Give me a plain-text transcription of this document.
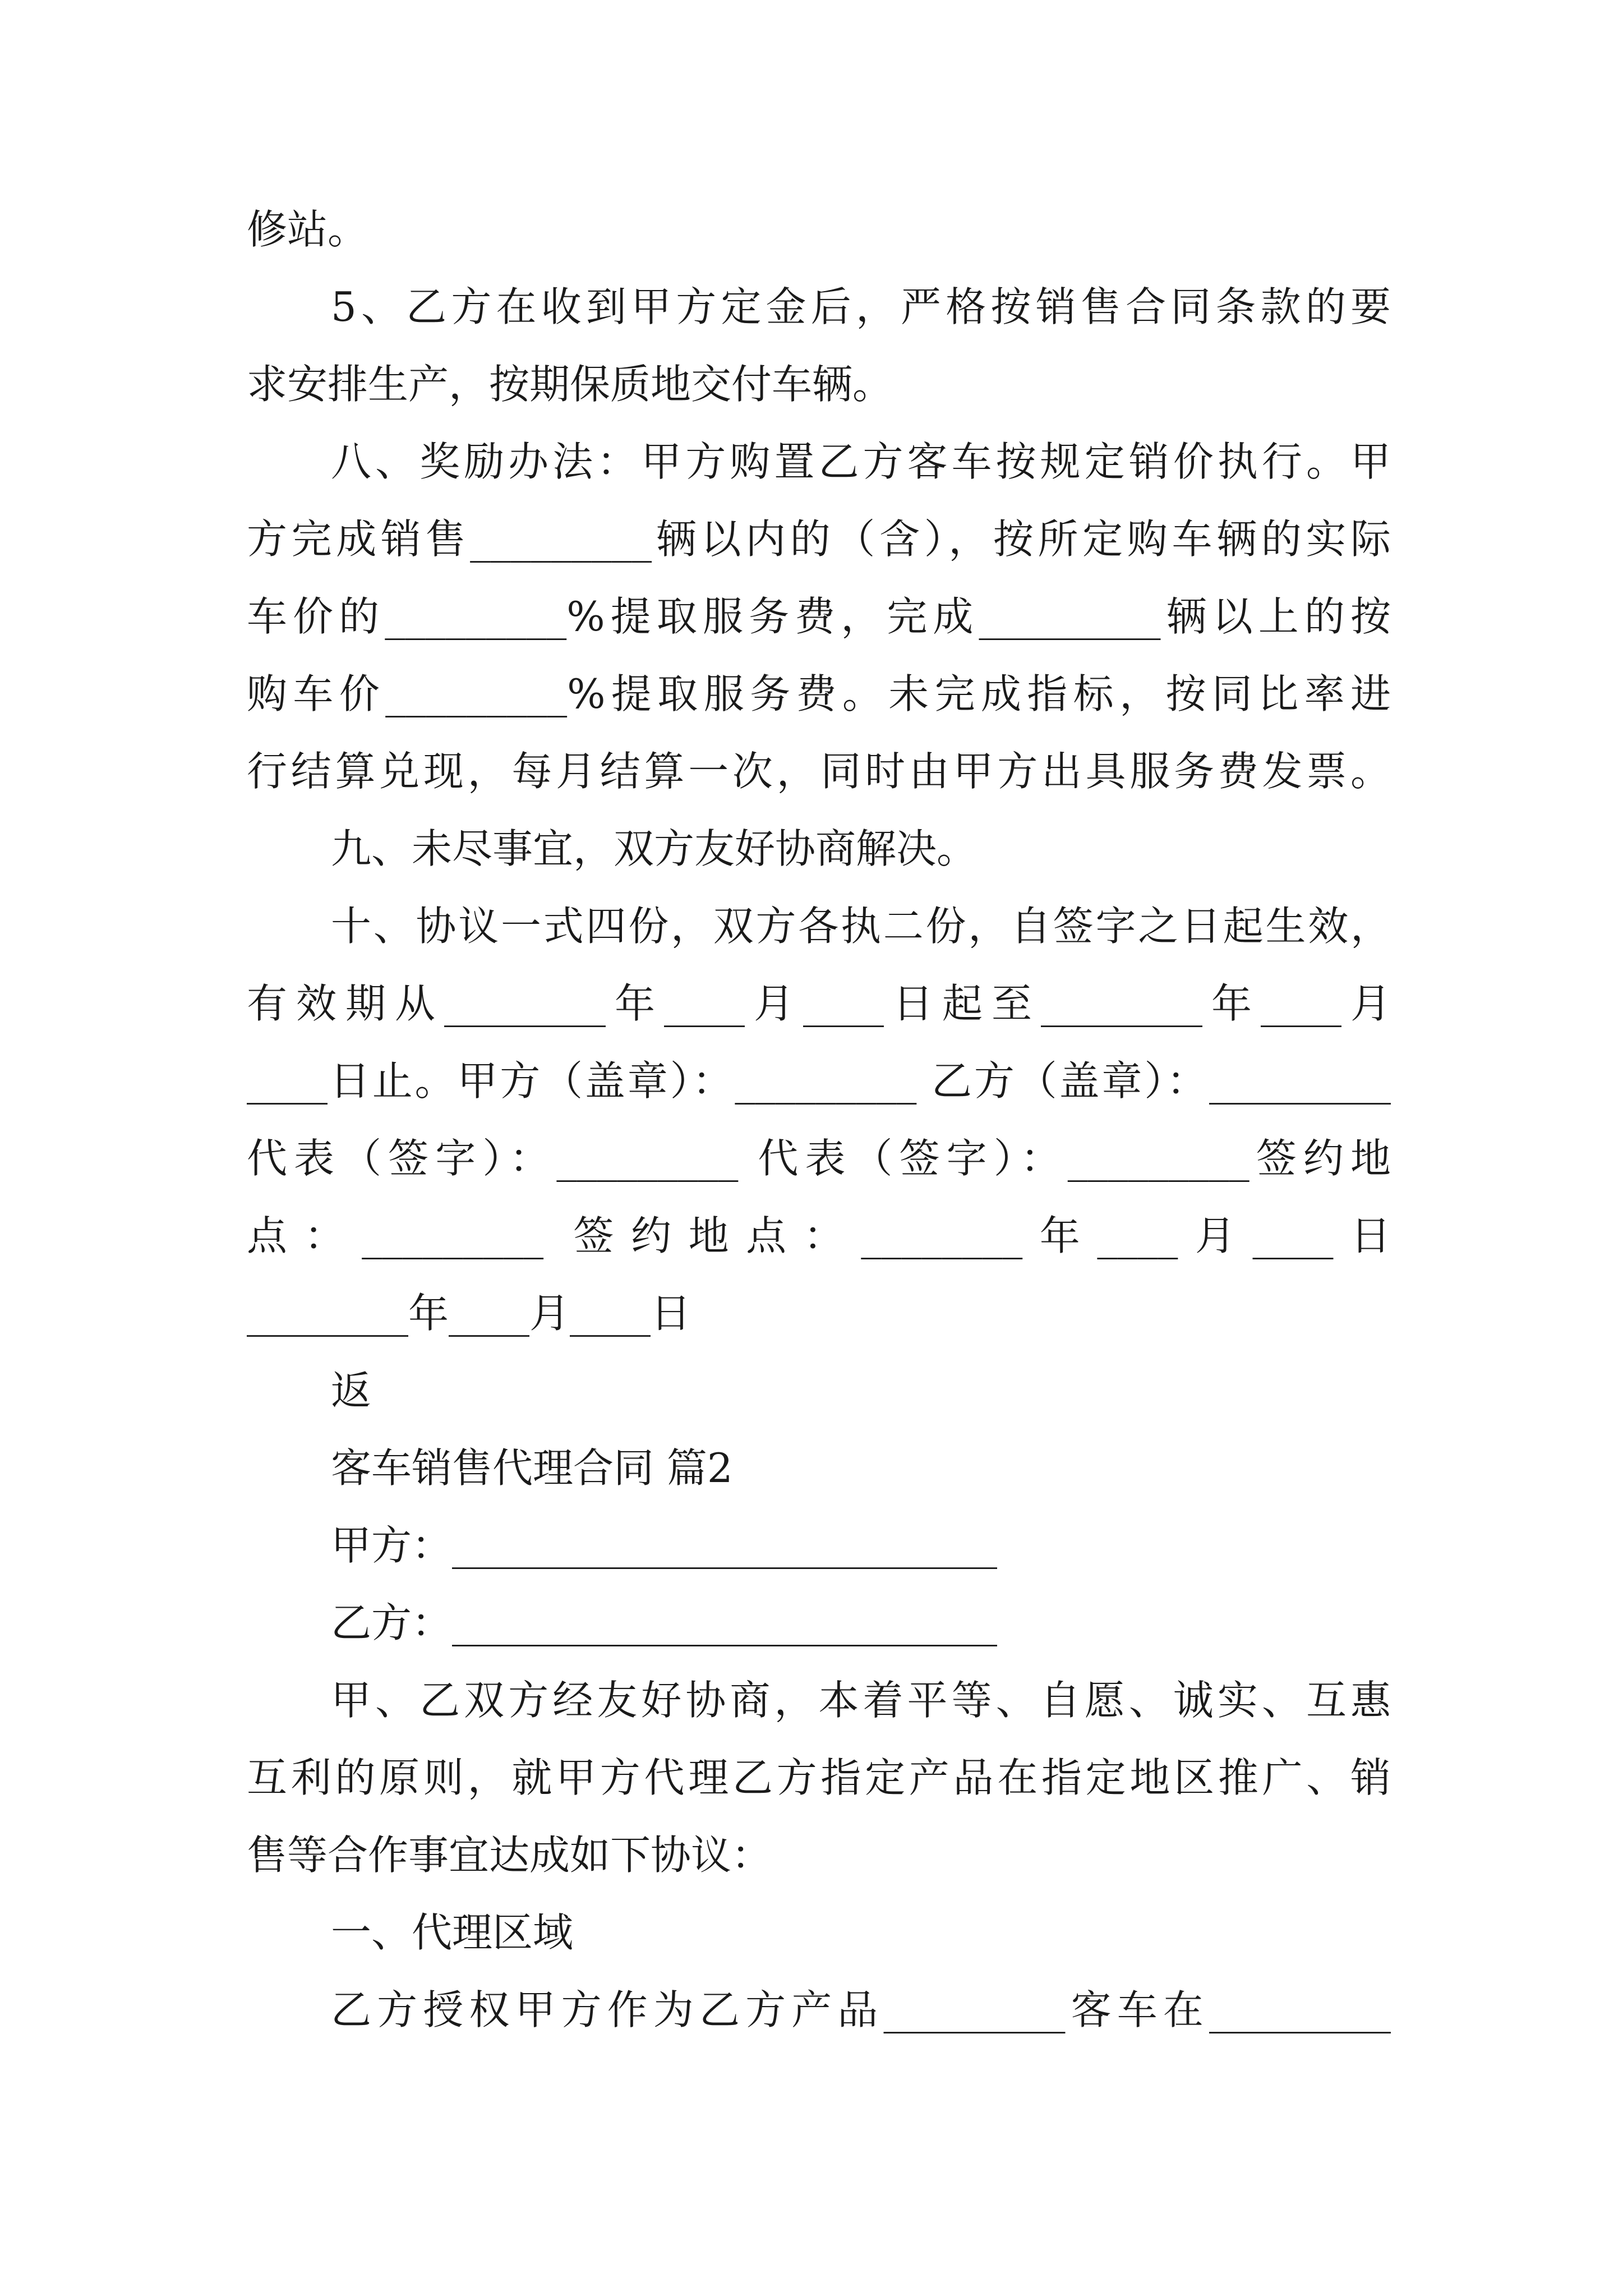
修站。

5、乙方在收到甲方定金后，严格按销售合同条款的要

求安排生产，按期保质地交付车辆。

八、奖励办法：甲方购置乙方客车按规定销价执行。甲

方完成销售_________辆以内的（含），按所定购车辆的实际

车价的_________%提取服务费，完成_________辆以上的按

购车价_________%提取服务费。未完成指标，按同比率进

行结算兑现，每月结算一次，同时由甲方出具服务费发票。

九、未尽事宜，双方友好协商解决。

十、协议一式四份，双方各执二份，自签字之日起生效，

有效期从________年____月____日起至________年____月

____日止。甲方（盖章）：_________ 乙方（盖章）：_________

代表（签字）：_________ 代表（签字）：_________签约地

点：_________ 签约地点：________年____月____日

________年____月____日

返

客车销售代理合同 篇2

甲方：___________________________

乙方：___________________________

甲、乙双方经友好协商，本着平等、自愿、诚实、互惠

互利的原则，就甲方代理乙方指定产品在指定地区推广、销

售等合作事宜达成如下协议：

一、代理区域

乙方授权甲方作为乙方产品_________客车在_________
